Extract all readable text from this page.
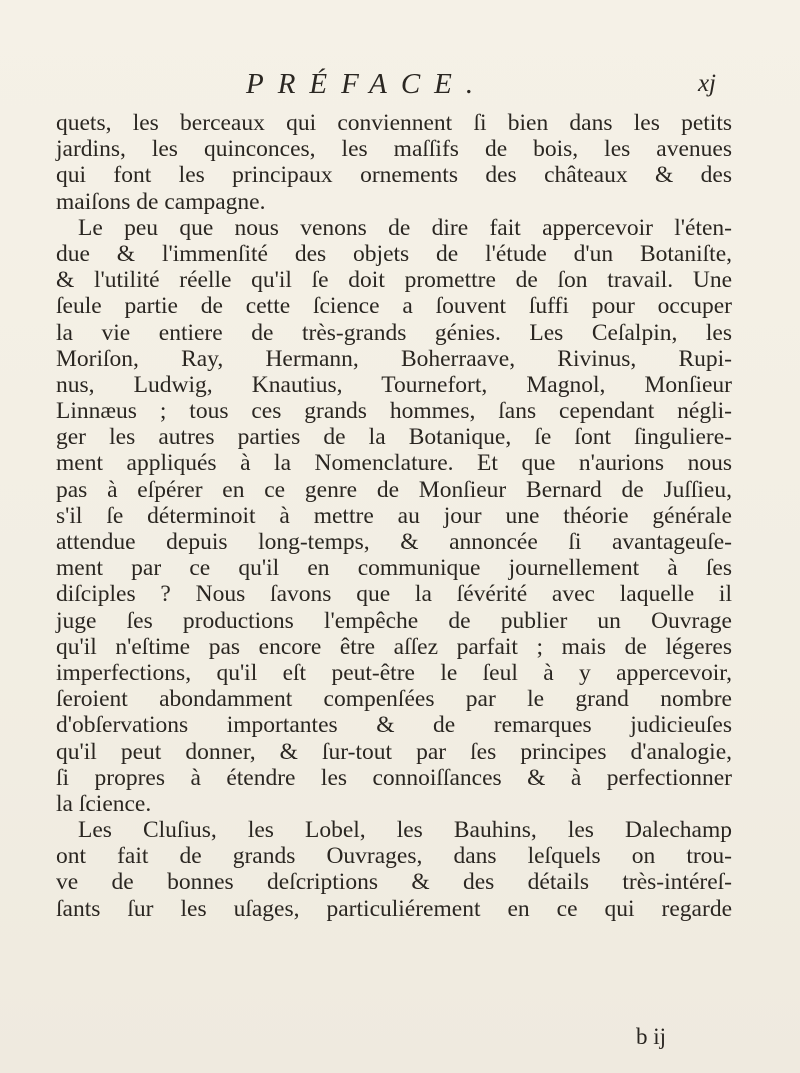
PRÉFACE.	xj
quets, les berceaux qui conviennent ſi bien dans les petits
jardins, les quinconces, les maſſifs de bois, les avenues
qui font les principaux ornements des châteaux & des
maiſons de campagne.
Le peu que nous venons de dire fait appercevoir l'éten-
due & l'immenſité des objets de l'étude d'un Botaniſte,
& l'utilité réelle qu'il ſe doit promettre de ſon travail. Une
ſeule partie de cette ſcience a ſouvent ſuffi pour occuper
la vie entiere de très-grands génies. Les Ceſalpin, les
Moriſon, Ray, Hermann, Boherraave, Rivinus, Rupi-
nus, Ludwig, Knautius, Tournefort, Magnol, Monſieur
Linnæus ; tous ces grands hommes, ſans cependant négli-
ger les autres parties de la Botanique, ſe ſont ſinguliere-
ment appliqués à la Nomenclature. Et que n'aurions nous
pas à eſpérer en ce genre de Monſieur Bernard de Juſſieu,
s'il ſe déterminoit à mettre au jour une théorie générale
attendue depuis long-temps, & annoncée ſi avantageuſe-
ment par ce qu'il en communique journellement à ſes
diſciples ? Nous ſavons que la ſévérité avec laquelle il
juge ſes productions l'empêche de publier un Ouvrage
qu'il n'eſtime pas encore être aſſez parfait ; mais de légeres
imperfections, qu'il eſt peut-être le ſeul à y appercevoir,
ſeroient abondamment compenſées par le grand nombre
d'obſervations importantes & de remarques judicieuſes
qu'il peut donner, & ſur-tout par ſes principes d'analogie,
ſi propres à étendre les connoiſſances & à perfectionner
la ſcience.
Les Cluſius, les Lobel, les Bauhins, les Dalechamp
ont fait de grands Ouvrages, dans leſquels on trou-
ve de bonnes deſcriptions & des détails très-intéreſ-
ſants ſur les uſages, particuliérement en ce qui regarde
b ij
